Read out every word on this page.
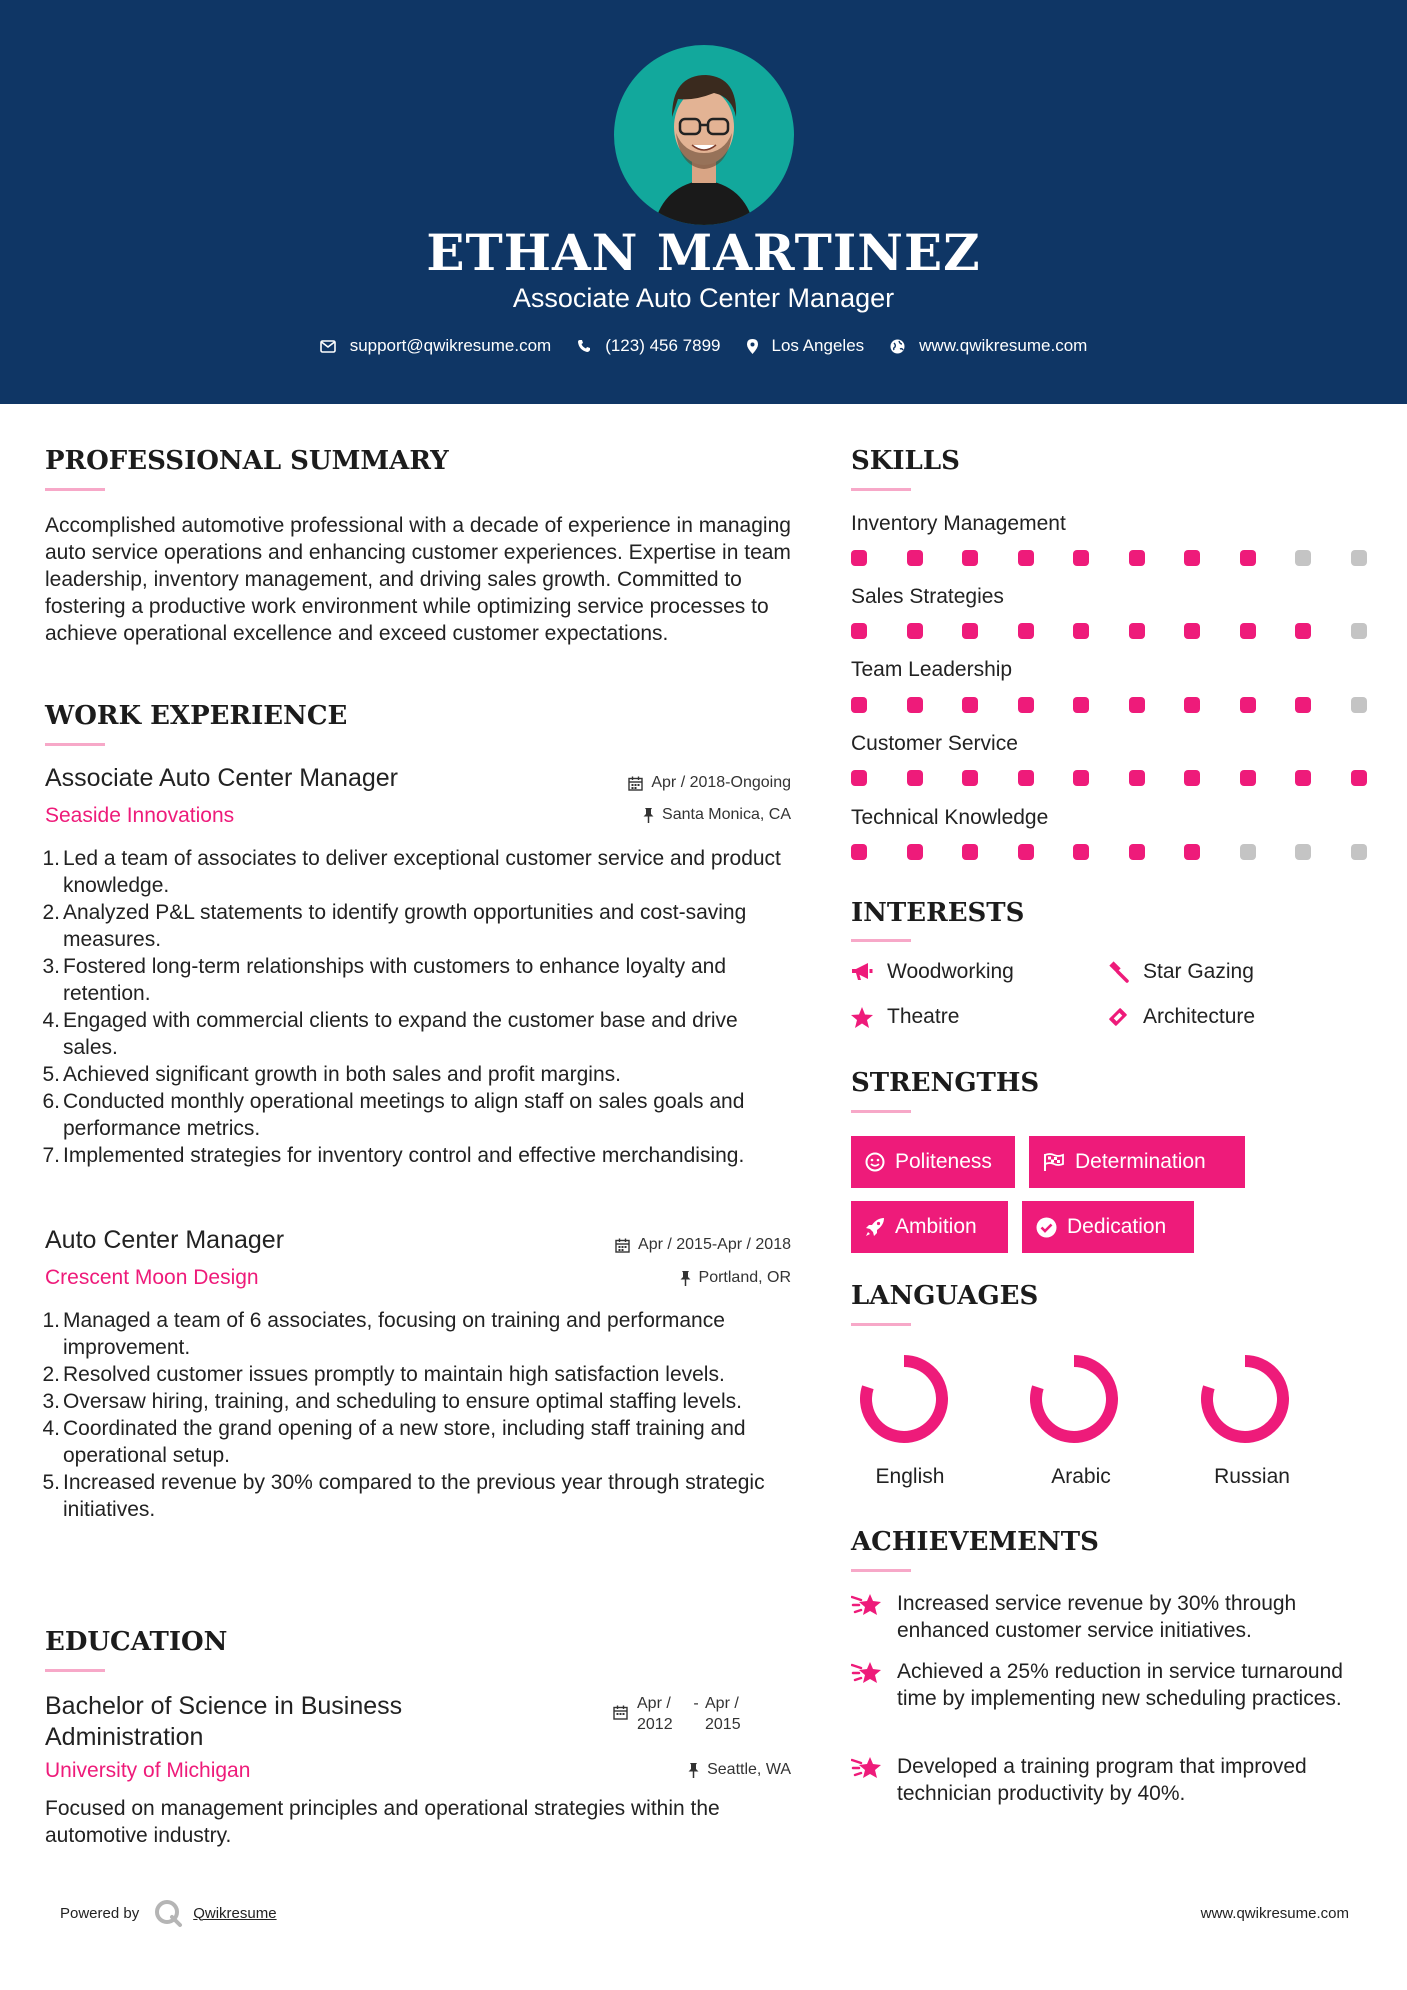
ETHAN MARTINEZ
Associate Auto Center Manager
support@qwikresume.com	(123) 456 7899	Los Angeles	www.qwikresume.com
PROFESSIONAL SUMMARY
Accomplished automotive professional with a decade of experience in managing auto service operations and enhancing customer experiences. Expertise in team leadership, inventory management, and driving sales growth. Committed to fostering a productive work environment while optimizing service processes to achieve operational excellence and exceed customer expectations.
WORK EXPERIENCE
Associate Auto Center Manager	Apr / 2018-Ongoing
Seaside Innovations	Santa Monica, CA
1. Led a team of associates to deliver exceptional customer service and product knowledge.
2. Analyzed P&L statements to identify growth opportunities and cost-saving measures.
3. Fostered long-term relationships with customers to enhance loyalty and retention.
4. Engaged with commercial clients to expand the customer base and drive sales.
5. Achieved significant growth in both sales and profit margins.
6. Conducted monthly operational meetings to align staff on sales goals and performance metrics.
7. Implemented strategies for inventory control and effective merchandising.
Auto Center Manager	Apr / 2015-Apr / 2018
Crescent Moon Design	Portland, OR
1. Managed a team of 6 associates, focusing on training and performance improvement.
2. Resolved customer issues promptly to maintain high satisfaction levels.
3. Oversaw hiring, training, and scheduling to ensure optimal staffing levels.
4. Coordinated the grand opening of a new store, including staff training and operational setup.
5. Increased revenue by 30% compared to the previous year through strategic initiatives.
EDUCATION
Bachelor of Science in Business Administration
Apr / 2012
- Apr / 2015
University of Michigan	Seattle, WA
Focused on management principles and operational strategies within the automotive industry.
SKILLS
Inventory Management
Sales Strategies
Team Leadership
Customer Service
Technical Knowledge
INTERESTS
Woodworking	Star Gazing
Theatre	Architecture
STRENGTHS
Politeness	Determination
Ambition	Dedication
LANGUAGES
English	Arabic	Russian
ACHIEVEMENTS
Increased service revenue by 30% through enhanced customer service initiatives.
Achieved a 25% reduction in service turnaround time by implementing new scheduling practices.
Developed a training program that improved technician productivity by 40%.
Powered by	Qwikresume	www.qwikresume.com
